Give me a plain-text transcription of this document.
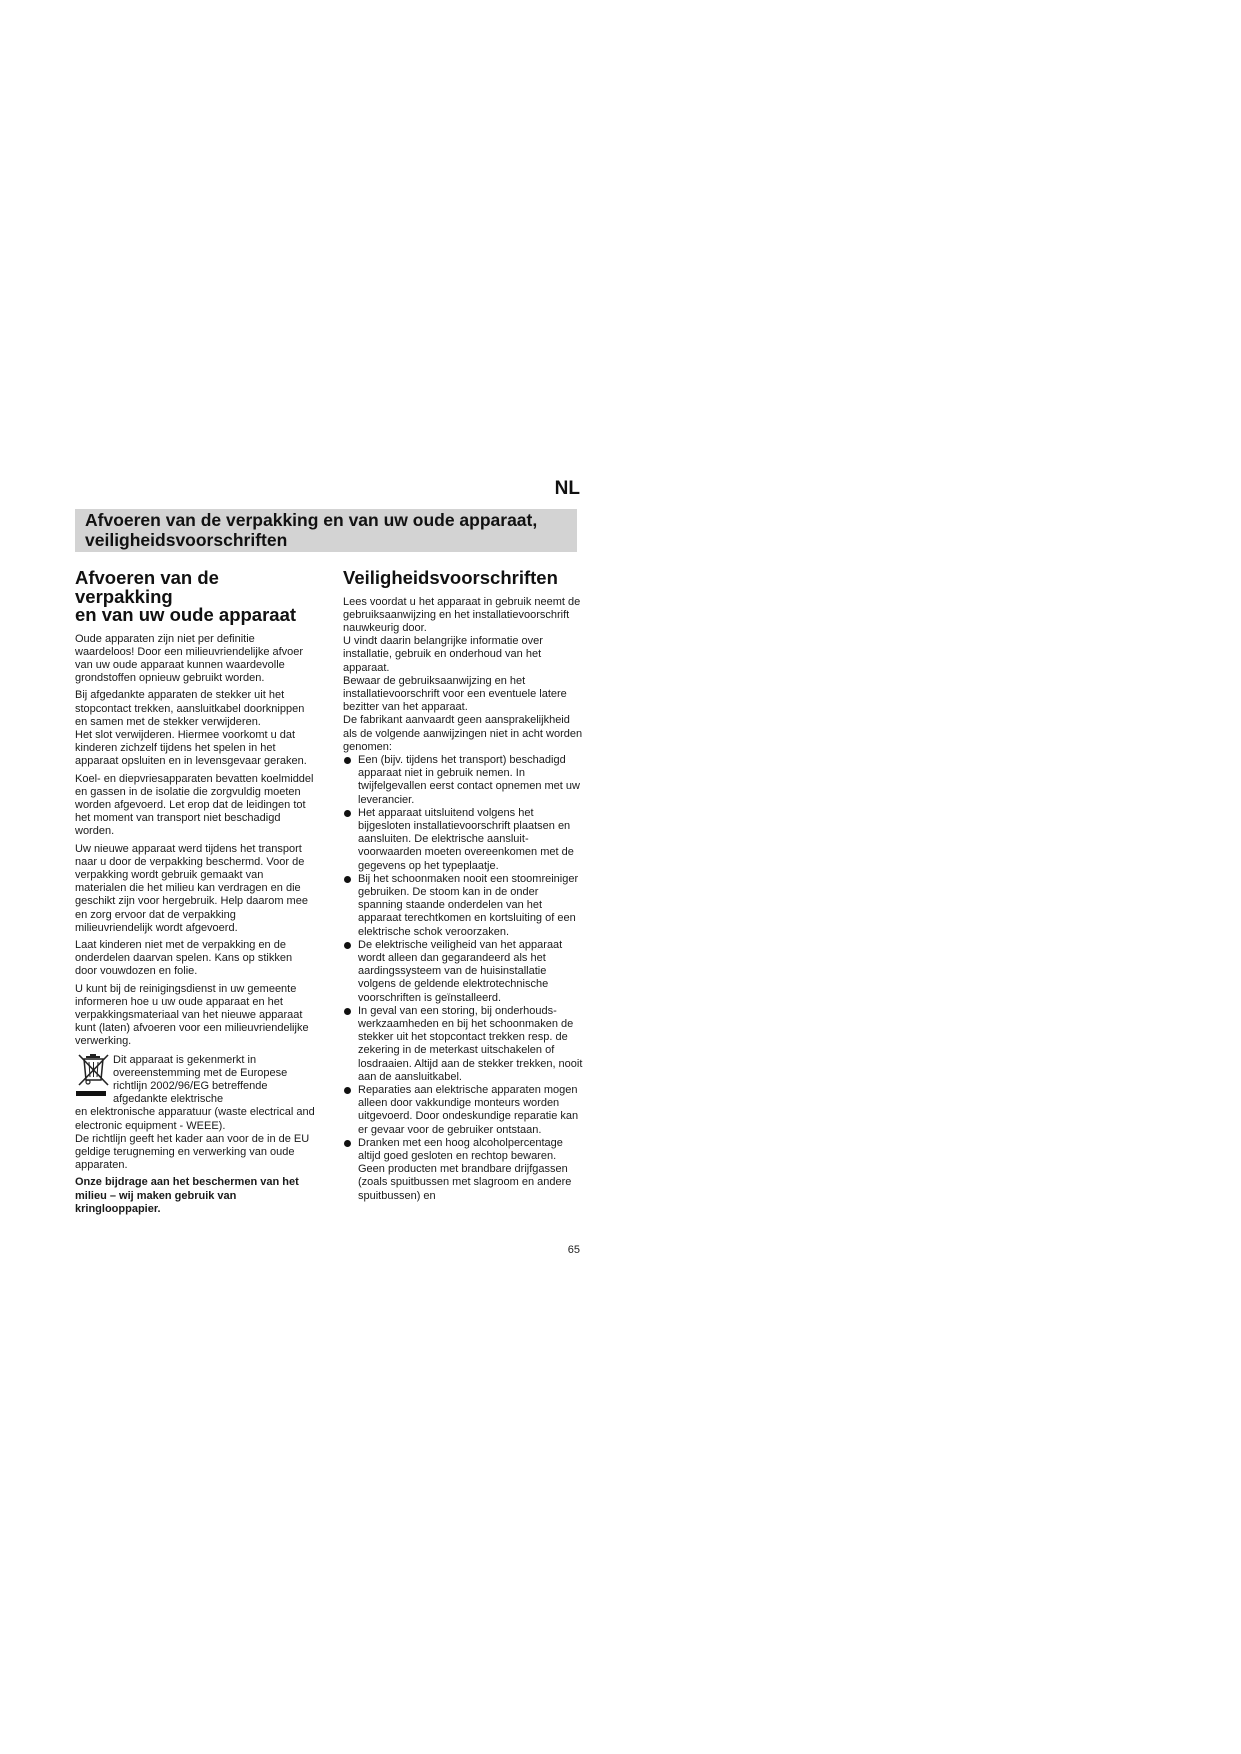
NL
Afvoeren van de verpakking en van uw oude apparaat,
veiligheidsvoorschriften
Afvoeren van de verpakking
en van uw oude apparaat

Oude apparaten zijn niet per definitie waardeloos! Door een milieuvriendelijke afvoer van uw oude apparaat kunnen waardevolle grondstoffen opnieuw gebruikt worden.

Bij afgedankte apparaten de stekker uit het stopcontact trekken, aansluitkabel doorknippen en samen met de stekker verwijderen.

Het slot verwijderen. Hiermee voorkomt u dat kinderen zichzelf tijdens het spelen in het apparaat opsluiten en in levensgevaar geraken.

Koel- en diepvriesapparaten bevatten koelmiddel en gassen in de isolatie die zorgvuldig moeten worden afgevoerd. Let erop dat de leidingen tot het moment van transport niet beschadigd worden.

Uw nieuwe apparaat werd tijdens het transport naar u door de verpakking beschermd. Voor de verpakking wordt gebruik gemaakt van materialen die het milieu kan verdragen en die geschikt zijn voor hergebruik. Help daarom mee en zorg ervoor dat de verpakking milieuvriendelijk wordt afgevoerd.

Laat kinderen niet met de verpakking en de onderdelen daarvan spelen. Kans op stikken door vouwdozen en folie.

U kunt bij de reinigingsdienst in uw gemeente informeren hoe u uw oude apparaat en het verpakkingsmateriaal van het nieuwe apparaat kunt (laten) afvoeren voor een milieuvriendelijke verwerking.

Dit apparaat is gekenmerkt in overeenstemming met de Europese richtlijn 2002/96/EG betreffende afgedankte elektrische

en elektronische apparatuur (waste electrical and electronic equipment - WEEE).

De richtlijn geeft het kader aan voor de in de EU geldige terugneming en verwerking van oude apparaten.

Onze bijdrage aan het beschermen van het milieu – wij maken gebruik van kringlooppapier.

Veiligheidsvoorschriften

Lees voordat u het apparaat in gebruik neemt de gebruiksaanwijzing en het installatievoorschrift nauwkeurig door.

U vindt daarin belangrijke informatie over installatie, gebruik en onderhoud van het apparaat.

Bewaar de gebruiksaanwijzing en het installatievoorschrift voor een eventuele latere bezitter van het apparaat.

De fabrikant aanvaardt geen aansprakelijkheid als de volgende aanwijzingen niet in acht worden genomen:

Een (bijv. tijdens het transport) beschadigd apparaat niet in gebruik nemen. In twijfelgevallen eerst contact opnemen met uw leverancier.
Het apparaat uitsluitend volgens het bijgesloten installatievoorschrift plaatsen en aansluiten. De elektrische aansluitvoorwaarden moeten overeenkomen met de gegevens op het typeplaatje.
Bij het schoonmaken nooit een stoomreiniger gebruiken. De stoom kan in de onder spanning staande onderdelen van het apparaat terechtkomen en kortsluiting of een elektrische schok veroorzaken.
De elektrische veiligheid van het apparaat wordt alleen dan gegarandeerd als het aardingssysteem van de huisinstallatie volgens de geldende elektrotechnische voorschriften is geïnstalleerd.
In geval van een storing, bij onderhoudswerkzaamheden en bij het schoonmaken de stekker uit het stopcontact trekken resp. de zekering in de meterkast uitschakelen of losdraaien. Altijd aan de stekker trekken, nooit aan de aansluitkabel.
Reparaties aan elektrische apparaten mogen alleen door vakkundige monteurs worden uitgevoerd. Door ondeskundige reparatie kan er gevaar voor de gebruiker ontstaan.
Dranken met een hoog alcoholpercentage altijd goed gesloten en rechtop bewaren. Geen producten met brandbare drijfgassen (zoals spuitbussen met slagroom en andere spuitbussen) en
65
